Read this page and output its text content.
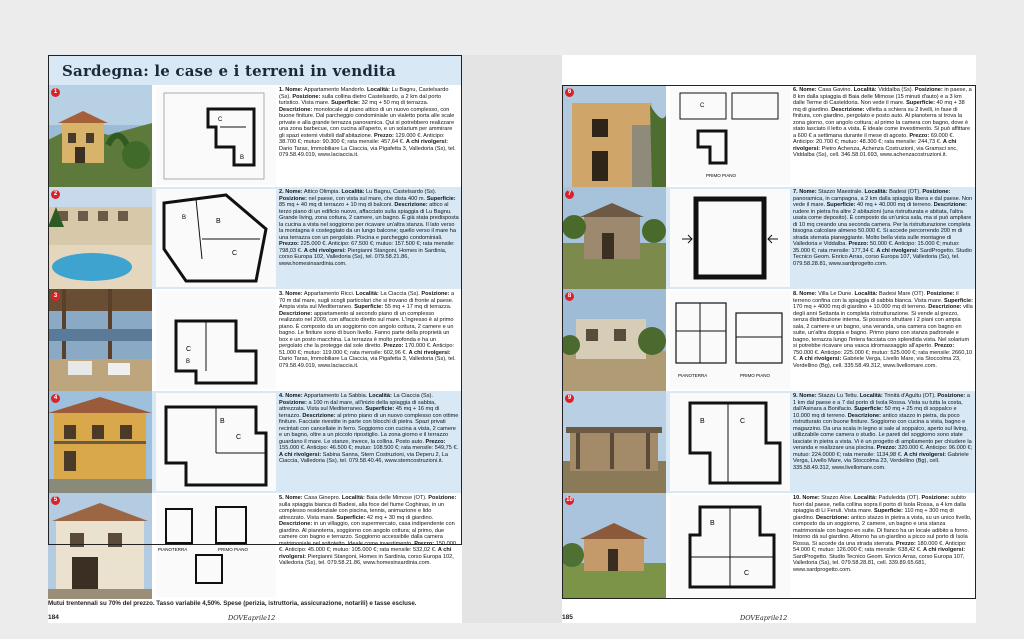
Sardegna: le case e i terreni in vendita
1
B
C
1. Nome: Appartamento Mandorlo. Località: Lu Bagnu, Castelsardo (Ss). Posizione: sulla collina dietro Castelsardo, a 2 km dal porto turistico. Vista mare. Superficie: 32 mq + 50 mq di terrazza. Descrizione: monolocale al piano attico di un nuovo complesso, con buone finiture. Dal parcheggio condominiale un vialetto porta alle scale private e alla grande terrazza panoramica. Qui si potrebbero realizzare una zona barbecue, con cucina all'aperto, e un solarium per ammirare gli spazi esterni visibili dall'abitazione. Prezzo: 129.000 €. Anticipo: 38.700 €; mutuo: 90.300 €; rata mensile: 457,64 €. A chi rivolgersi: Dario Taras, Immobiliare La Ciaccia, via Pigafetta 3, Valledoria (Ss), tel. 079.58.49.019, www.laciaccia.it.
2
B
C
B
2. Nome: Attico Olimpia. Località: Lu Bagnu, Castelsardo (Ss). Posizione: nel paese, con vista sul mare, che dista 400 m. Superficie: 85 mq + 40 mq di terrazzo + 10 mq di balconi. Descrizione: attico al terzo piano di un edificio nuovo, affacciato sulla spiaggia di Lu Bagnu. Grande living, zona cottura, 2 camere, un bagno. È già stata predisposta la cucina a vista nel soggiorno per ricavare un'altra stanza. Il lato verso la montagna è costeggiato da un lungo balcone; quello verso il mare ha una terrazza con un pergolato. Piscina e parcheggio condominiali. Prezzo: 225.000 €. Anticipo: 67.500 €; mutuo: 157.500 €; rata mensile: 798,03 €. A chi rivolgersi: Piergianni Stangoni, Homes in Sardinia, corso Europa 102, Valledoria (Ss), tel. 079.58.21.86, www.homesinsardinia.com.
3
C
B
3. Nome: Appartamento Ricci. Località: La Ciaccia (Ss). Posizione: a 70 m dal mare, sugli scogli particolari che si trovano di fronte al paese. Ampia vista sul Mediterraneo. Superficie: 55 mq + 17 mq di terrazza. Descrizione: appartamento al secondo piano di un complesso realizzato nel 2009, con affaccio diretto sul mare. L'ingresso è al primo piano. È composto da un soggiorno con angolo cottura, 2 camere e un bagno. Le finiture sono di buon livello. Fanno parte della proprietà un box e un posto macchina. La terrazza è molto profonda e ha un pergolato che la protegge dal sole diretto. Prezzo: 170.000 €. Anticipo: 51.000 €; mutuo: 119.000 €; rata mensile: 602,96 €. A chi rivolgersi: Dario Taras, Immobiliare La Ciaccia, via Pigafetta 3, Valledoria (Ss), tel. 079.58.49.019, www.laciaccia.it.
4
B
C
4. Nome: Appartamento La Sabbia. Località: La Ciaccia (Ss). Posizione: a 100 m dal mare, all'inizio della spiaggia di sabbia, attrezzata. Vista sul Mediterraneo. Superficie: 45 mq + 16 mq di terrazzo. Descrizione: al primo piano di un nuovo complesso con ottime finiture. Facciate rivestite in parte con blocchi di pietra. Spazi privati recintati con cancellate in ferro. Soggiorno con cucina a vista, 2 camere e un bagno, oltre a un piccolo ripostiglio. La zona giorno e il terrazzo guardano il mare. Le stanze, invece, la collina. Posto auto. Prezzo: 155.000 €. Anticipo: 46.500 €; mutuo: 108.500 €; rata mensile: 549,75 €. A chi rivolgersi: Sabina Sanna, Stern Costruzioni, via Deperu 2, La Ciaccia, Valledoria (Ss), tel. 079.58.40.46, www.sterncostruzioni.it.
5
PIANOTERRA	PRIMO PIANO
5. Nome: Casa Ginepro. Località: Baia delle Mimose (OT). Posizione: sulla spiaggia bianca di Badesi, alla foce del fiume Coghinas, in un complesso residenziale con piscina, tennis, animazione e lido attrezzato. Vista mare. Superficie: 42 mq + 30 mq di giardino. Descrizione: in un villaggio, con supermercato, casa indipendente con giardino. Al pianoterra, soggiorno con angolo cottura; al primo, due camere con bagno e terrazzo. Soggiorno accessibile dalla camera matrimoniale nel sottotetto. Ideale come investimento. Prezzo: 150.000 €. Anticipo: 45.000 €; mutuo: 105.000 €; rata mensile: 532,02 €. A chi rivolgersi: Piergianni Stangoni, Homes in Sardinia, corso Europa 102, Valledoria (Ss), tel. 079.58.21.86, www.homesinsardinia.com.
Mutui trentennali su 70% del prezzo. Tasso variabile 4,50%. Spese (perizia, istruttoria, assicurazione, notarili) e tasse escluse.
184	DOVEaprile12
6
C
PRIMO PIANO
6. Nome: Casa Gavino. Località: Viddalba (Ss). Posizione: in paese, a 8 km dalla spiaggia di Baia delle Mimose (15 minuti d'auto) e a 3 km dalle Terme di Casteldoria. Non vede il mare. Superficie: 40 mq + 38 mq di giardino. Descrizione: villetta a schiera su 2 livelli, in fase di finitura, con giardino, pergolato e posto auto. Al pianoterra si trova la zona giorno, con angolo cottura; al primo la camera con bagno, dove è stato lasciato il letto a vista. È ideale come investimento. Si può affittare a 600 € a settimana durante il mese di agosto. Prezzo: 69.000 €. Anticipo: 20.700 €; mutuo: 48.300 €; rata mensile: 244,73 €. A chi rivolgersi: Pietro Achenza, Achenza Costruzioni, via Gramsci snc, Viddalba (Ss), cell. 346.58.01.693, www.achenzacostruzioni.it.
7	7. Nome: Stazzo Maestrale. Località: Badesi (OT). Posizione: panoramica, in campagna, a 2 km dalla spiaggia libera e dal paese. Non vede il mare. Superficie: 40 mq + 40.000 mq di terreno. Descrizione: rudere in pietra fra altre 2 abitazioni (una ristrutturata e abitata, l'altra usata come deposito). È composto da un'unica sala, ma si può ampliare di 10 mq creando una seconda camera. Per la ristrutturazione completa bisogna calcolare almeno 50.000 €. Si accede percorrendo 200 m di strada sterrata pianeggiante. Molto bella vista sulle montagne di Valledoria e Viddalba. Prezzo: 50.000 €. Anticipo: 15.000 €; mutuo: 35.000 €; rata mensile: 177,34 €. A chi rivolgersi: SardProgetto. Studio Tecnico Geom. Enrico Arras, corso Europa 107, Valledoria (Ss), tel. 079.58.28.81, www.sardprogetto.com.
8
PIANOTERRA	PRIMO PIANO
8. Nome: Villa Le Dune. Località: Badesi Mare (OT). Posizione: il terreno confina con la spiaggia di sabbia bianca. Vista mare. Superficie: 170 mq + 4000 mq di giardino + 10.000 mq di terreno. Descrizione: villa degli anni Settanta in completa ristrutturazione. Si vende al grezzo, senza distribuzione interna. Si possono sfruttare i 2 piani con ampia sala, 2 camere e un bagno, una veranda, una camera con bagno en suite, un'altra doppia e bagno. Primo piano con stanza padronale e bagno, terrazza lungo l'intera facciata con splendida vista. Nel solarium si potrebbe ricavare una vasca idromassaggio all'aperto. Prezzo: 750.000 €. Anticipo: 225.000 €; mutuo: 525.000 €; rata mensile: 2660,10 €. A chi rivolgersi: Gabriele Verga, Livello Mare, via Stoccolma 23, Verdellino (Bg), cell. 335.58.49.312, www.livellomare.com.
9
B	C
9. Nome: Stazzu Lu Tettu. Località: Trinità d'Agultu (OT). Posizione: a 1 km dal paese e a 7 dal porto di Isola Rossa. Vista su tutta la costa, dall'Asinara a Bonifacio. Superficie: 50 mq + 25 mq di soppalco e 10.000 mq di terreno. Descrizione: antico stazzo in pietra, da poco ristrutturato con buone finiture. Soggiorno con cucina a vista, bagno e magazzino. Da una scala in legno si sale al soppalco, aperto sul living, utilizzabile come camera o studio. Le pareti del soggiorno sono state lasciate in pietra a vista. Vi è un progetto di ampliamento per chiudere la veranda e realizzare una piscina. Prezzo: 320.000 €. Anticipo: 96.000 €; mutuo: 224.0000 €; rata mensile: 1134,98 €. A chi rivolgersi: Gabriele Verga, Livello Mare, via Stoccolma 23, Verdellino (Bg), cell. 335.58.49.312, www.livellomare.com.
10
B
C
10. Nome: Stazzo Aloe. Località: Paduledda (OT). Posizione: subito fuori dal paese, nella collina sopra il porto di Isola Rossa, a 4 km dalla spiaggia di Li Feruli. Vista mare. Superficie: 110 mq + 300 mq di giardino. Descrizione: antico stazzo in pietra a vista, su un unico livello, composto da un soggiorno, 2 camere, un bagno e una stanza matrimoniale con bagno en suite. Di fianco ha un locale adibito a forno. Intorno dà sul giardino. Attorno ha un giardino a picco sul porto di Isola Rossa. Si accede da una strada sterrata. Prezzo: 180.000 €. Anticipo: 54.000 €; mutuo: 126.000 €; rata mensile: 638,42 €. A chi rivolgersi: SardProgetto. Studio Tecnico Geom. Enrico Arras, corso Europa 107, Valledoria (Ss), tel. 079.58.28.81, cell. 339.89.65.681, www.sardprogetto.com.
185	DOVEaprile12
